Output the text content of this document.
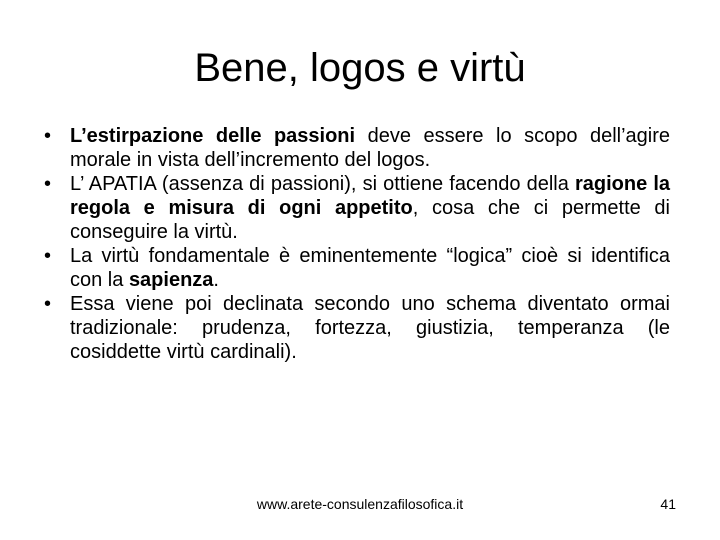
Bene, logos e virtù
• L’estirpazione delle passioni deve essere lo scopo dell’agire morale in vista dell’incremento del logos.
• L’ APATIA (assenza di passioni), si ottiene facendo della ragione la regola e misura di ogni appetito, cosa che ci permette di conseguire la virtù.
• La virtù fondamentale è eminentemente “logica” cioè si identifica con la sapienza.
• Essa viene poi declinata secondo uno schema diventato ormai tradizionale: prudenza, fortezza, giustizia, temperanza (le cosiddette virtù cardinali).
www.arete-consulenzafilosofica.it	41
